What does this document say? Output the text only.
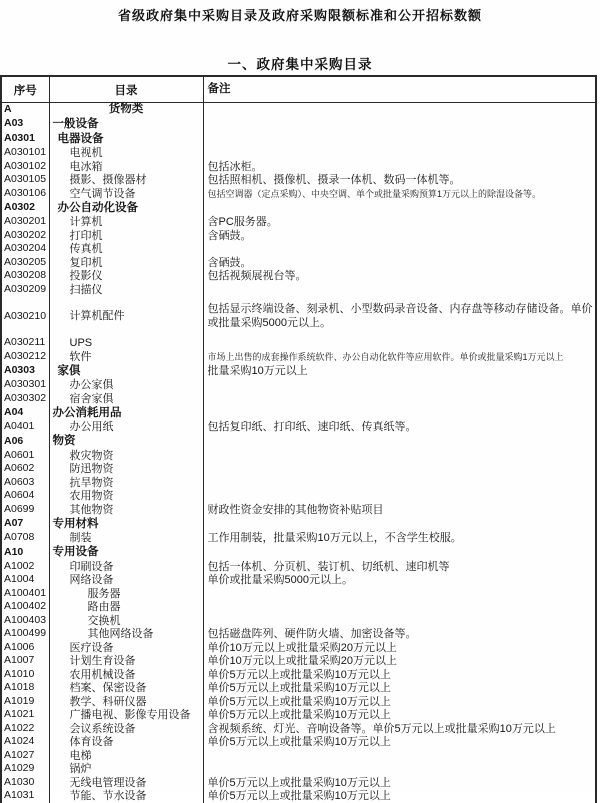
省级政府集中采购目录及政府采购限额标准和公开招标数额
一、政府集中采购目录
序号	目录	备注
A	货物类	
A03	一般设备	
A0301	电器设备	
A030101	电视机	
A030102	电冰箱	包括冰柜。
A030105	摄影、摄像器材	包括照相机、摄像机、摄录一体机、数码一体机等。
A030106	空气调节设备	包括空调器（定点采购）、中央空调、单个或批量采购预算1万元以上的除湿设备等。
A0302	办公自动化设备	
A030201	计算机	含PC服务器。
A030202	打印机	含硒鼓。
A030204	传真机	
A030205	复印机	含硒鼓。
A030208	投影仪	包括视频展视台等。
A030209	扫描仪	
A030210	计算机配件	包括显示终端设备、刻录机、小型数码录音设备、内存盘等移动存储设备。单价或批量采购5000元以上。
A030211	UPS	
A030212	软件	市场上出售的成套操作系统软件、办公自动化软件等应用软件。单价或批量采购1万元以上
A0303	家俱	批量采购10万元以上
A030301	办公家俱	
A030302	宿舍家俱	
A04	办公消耗用品	
A0401	办公用纸	包括复印纸、打印纸、速印纸、传真纸等。
A06	物资	
A0601	救灾物资	
A0602	防迅物资	
A0603	抗旱物资	
A0604	农用物资	
A0699	其他物资	财政性资金安排的其他物资补贴项目
A07	专用材料	
A0708	制装	工作用制装，批量采购10万元以上，不含学生校服。
A10	专用设备	
A1002	印刷设备	包括一体机、分页机、装订机、切纸机、速印机等
A1004	网络设备	单价或批量采购5000元以上。
A100401	服务器	
A100402	路由器	
A100403	交换机	
A100499	其他网络设备	包括磁盘阵列、硬件防火墙、加密设备等。
A1006	医疗设备	单价10万元以上或批量采购20万元以上
A1007	计划生育设备	单价10万元以上或批量采购20万元以上
A1010	农用机械设备	单价5万元以上或批量采购10万元以上
A1018	档案、保密设备	单价5万元以上或批量采购10万元以上
A1019	教学、科研仪器	单价5万元以上或批量采购10万元以上
A1021	广播电视、影像专用设备	单价5万元以上或批量采购10万元以上
A1022	会议系统设备	含视频系统、灯光、音响设备等。单价5万元以上或批量采购10万元以上
A1024	体育设备	单价5万元以上或批量采购10万元以上
A1027	电梯	
A1029	锅炉	
A1030	无线电管理设备	单价5万元以上或批量采购10万元以上
A1031	节能、节水设备	单价5万元以上或批量采购10万元以上
